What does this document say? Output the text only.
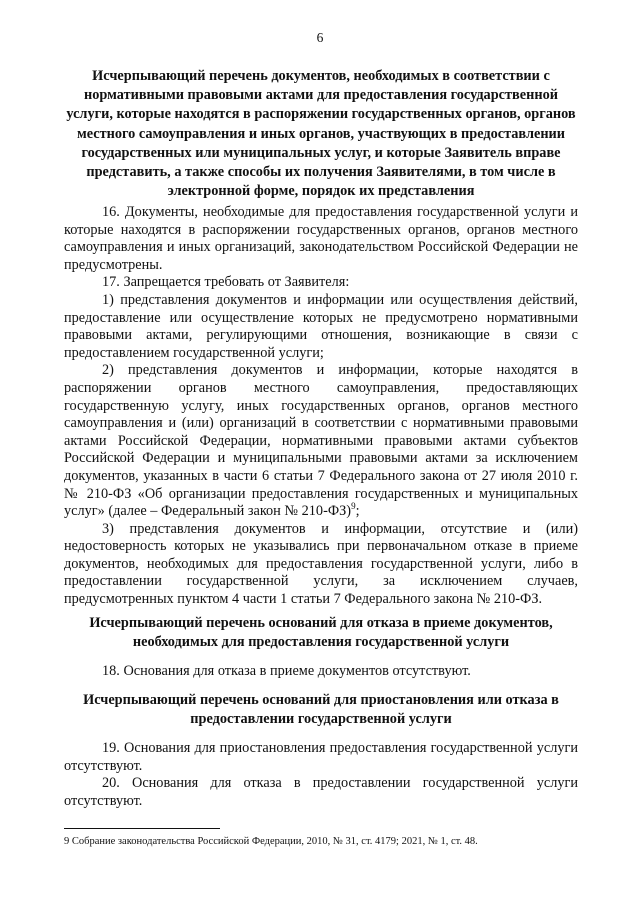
6
Исчерпывающий перечень документов, необходимых в соответствии с нормативными правовыми актами для предоставления государственной услуги, которые находятся в распоряжении государственных органов, органов местного самоуправления и иных органов, участвующих в предоставлении государственных или муниципальных услуг, и которые Заявитель вправе представить, а также способы их получения Заявителями, в том числе в электронной форме, порядок их представления

16. Документы, необходимые для предоставления государственной услуги и которые находятся в распоряжении государственных органов, органов местного самоуправления и иных организаций, законодательством Российской Федерации не предусмотрены.

17. Запрещается требовать от Заявителя:

1) представления документов и информации или осуществления действий, предоставление или осуществление которых не предусмотрено нормативными правовыми актами, регулирующими отношения, возникающие в связи с предоставлением государственной услуги;

2) представления документов и информации, которые находятся в распоряжении органов местного самоуправления, предоставляющих государственную услугу, иных государственных органов, органов местного самоуправления и (или) организаций в соответствии с нормативными правовыми актами Российской Федерации, нормативными правовыми актами субъектов Российской Федерации и муниципальными правовыми актами за исключением документов, указанных в части 6 статьи 7 Федерального закона от 27 июля 2010 г. № 210-ФЗ «Об организации предоставления государственных и муниципальных услуг» (далее – Федеральный закон № 210-ФЗ)$^9$;

3) представления документов и информации, отсутствие и (или) недостоверность которых не указывались при первоначальном отказе в приеме документов, необходимых для предоставления государственной услуги, либо в предоставлении государственной услуги, за исключением случаев, предусмотренных пунктом 4 части 1 статьи 7 Федерального закона № 210-ФЗ.

Исчерпывающий перечень оснований для отказа в приеме документов, необходимых для предоставления государственной услуги

18. Основания для отказа в приеме документов отсутствуют.

Исчерпывающий перечень оснований для приостановления или отказа в предоставлении государственной услуги

19. Основания для приостановления предоставления государственной услуги отсутствуют.

20. Основания для отказа в предоставлении государственной услуги отсутствуют.

9 Собрание законодательства Российской Федерации, 2010, № 31, ст. 4179; 2021, № 1, ст. 48.
